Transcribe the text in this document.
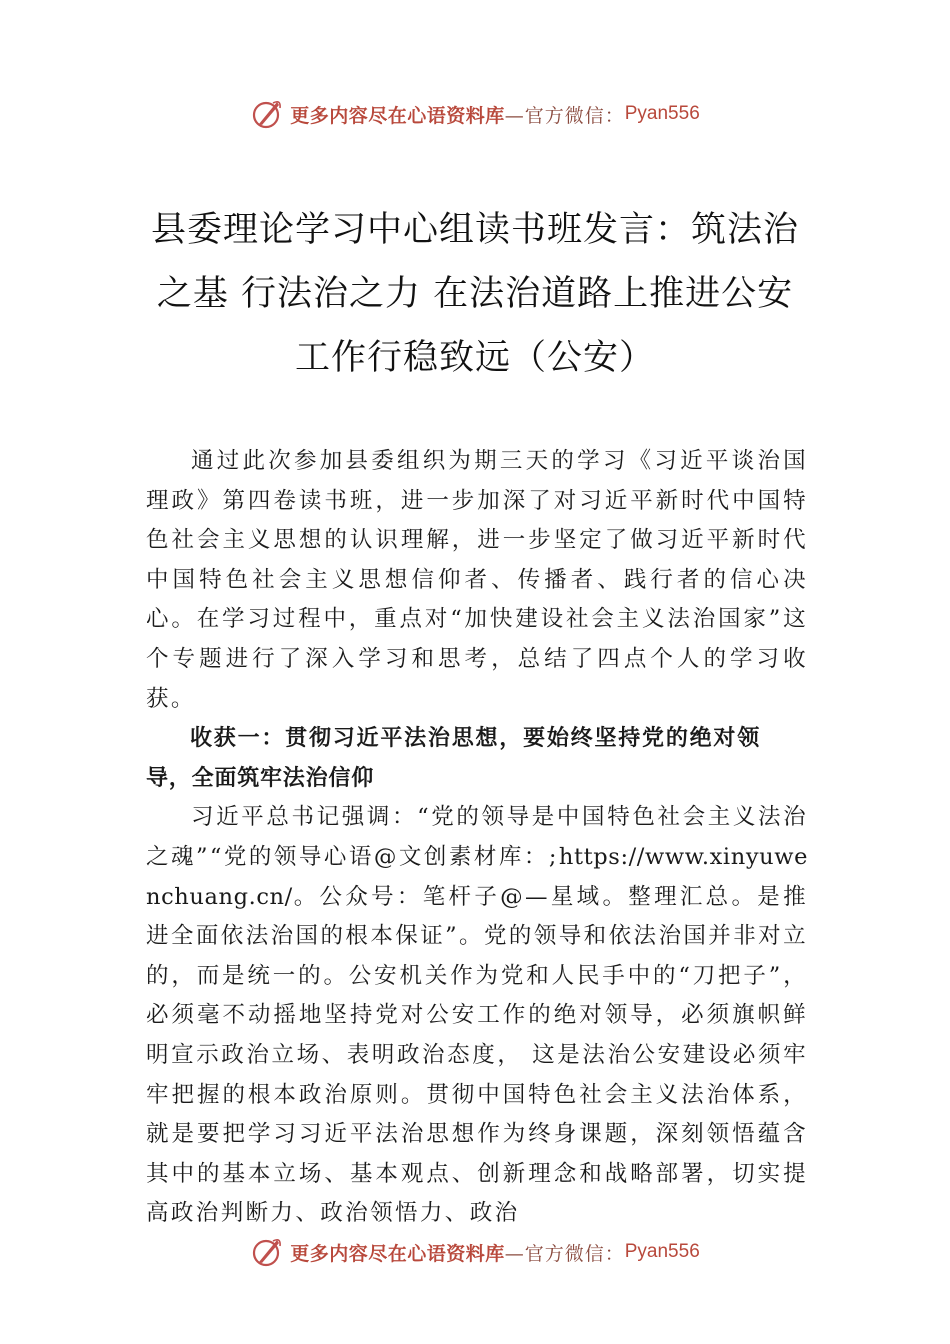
更多内容尽在心语资料库 —官方微信： Pyan556
县委理论学习中心组读书班发言：筑法治之基 行法治之力 在法治道路上推进公安工作行稳致远（公安）

通过此次参加县委组织为期三天的学习《习近平谈治国理政》第四卷读书班，进一步加深了对习近平新时代中国特色社会主义思想的认识理解，进一步坚定了做习近平新时代中国特色社会主义思想信仰者、传播者、践行者的信心决心。在学习过程中，重点对“加快建设社会主义法治国家”这个专题进行了深入学习和思考，总结了四点个人的学习收获。

收获一：贯彻习近平法治思想，要始终坚持党的绝对领导，全面筑牢法治信仰

习近平总书记强调：“党的领导是中国特色社会主义法治之魂”“党的领导心语@文创素材库：;https://www.xinyuwenchuang.cn/。公众号：笔杆子@—星域。整理汇总。是推进全面依法治国的根本保证”。党的领导和依法治国并非对立的，而是统一的。公安机关作为党和人民手中的“刀把子”，必须毫不动摇地坚持党对公安工作的绝对领导，必须旗帜鲜明宣示政治立场、表明政治态度， 这是法治公安建设必须牢牢把握的根本政治原则。贯彻中国特色社会主义法治体系，就是要把学习习近平法治思想作为终身课题，深刻领悟蕴含其中的基本立场、基本观点、创新理念和战略部署，切实提高政治判断力、政治领悟力、政治

更多内容尽在心语资料库 —官方微信： Pyan556
